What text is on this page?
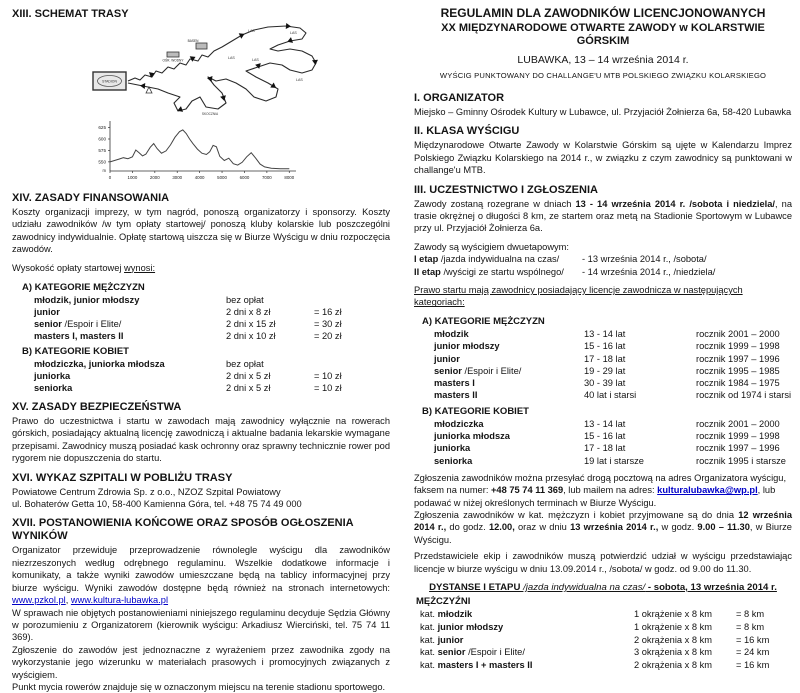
XIII. SCHEMAT TRASY
STADION
BASEN
OŚR. WODNY
LAS	LAS
LAS	LAS
LAS
SKOCZNIA
550
575
600
625
m
0	1000	2000	3000	4000	5000	6000	7000	8000
XIV. ZASADY FINANSOWANIA

Koszty organizacji imprezy, w tym nagród, ponoszą organizatorzy i sponsorzy. Koszty udziału zawodników /w tym opłaty startowej/ ponoszą kluby kolarskie lub poszczególni zawodnicy indywidualnie. Opłatę startową uiszcza się w Biurze Wyścigu w dniu rozpoczęcia zawodów.

Wysokość opłaty startowej wynosi:

A) KATEGORIE MĘŻCZYZN
młodzik, junior młodszy	bez opłat
junior	2 dni x 8 zł	= 16 zł
senior /Espoir i Elite/	2 dni x 15 zł	= 30 zł
masters I, masters II	2 dni x 10 zł	= 20 zł
B) KATEGORIE KOBIET
młodziczka, juniorka młodsza	bez opłat
juniorka	2 dni x 5 zł	= 10 zł
seniorka	2 dni x 5 zł	= 10 zł
XV. ZASADY BEZPIECZEŃSTWA

Prawo do uczestnictwa i startu w zawodach mają zawodnicy wyłącznie na rowerach górskich, posiadający aktualną licencję zawodniczą i aktualne badania lekarskie wymagane przepisami. Zawodnicy muszą posiadać kask ochronny oraz sprawny technicznie rower pod rygorem nie dopuszczenia do startu.

XVI. WYKAZ SZPITALI W POBLIŻU TRASY

Powiatowe Centrum Zdrowia Sp. z o.o., NZOZ Szpital Powiatowy

ul. Bohaterów Getta 10, 58-400 Kamienna Góra, tel. +48 75 74 49 000

XVII. POSTANOWIENIA KOŃCOWE ORAZ SPOSÓB OGŁOSZENIA WYNIKÓW

Organizator przewiduje przeprowadzenie równolegle wyścigu dla zawodników niezrzeszonych według odrębnego regulaminu. Wszelkie dodatkowe informacje i komunikaty, a także wyniki zawodów umieszczane będą na tablicy informacyjnej przy biurze wyścigu. Wyniki zawodów dostępne będą również na stronach internetowych: www.pzkol.pl, www.kultura-lubawka.pl

W sprawach nie objętych postanowieniami niniejszego regulaminu decyduje Sędzia Główny w porozumieniu z Organizatorem (kierownik wyścigu: Arkadiusz Wierciński, tel. 75 74 11 369).

Zgłoszenie do zawodów jest jednoznaczne z wyrażeniem przez zawodnika zgody na wykorzystanie jego wizerunku w materiałach prasowych i promocyjnych związanych z wyścigiem.

Punkt mycia rowerów znajduje się w oznaczonym miejscu na terenie stadionu sportowego.

REGULAMIN DLA ZAWODNIKÓW LICENCJONOWANYCH
XX MIĘDZYNARODOWE OTWARTE ZAWODY w KOLARSTWIE GÓRSKIM
LUBAWKA, 13 – 14 września 2014 r.
WYŚCIG PUNKTOWANY DO CHALLANGE'U MTB POLSKIEGO ZWIĄZKU KOLARSKIEGO
I. ORGANIZATOR

Miejsko – Gminny Ośrodek Kultury w Lubawce, ul. Przyjaciół Żołnierza 6a, 58-420 Lubawka

II. KLASA WYŚCIGU

Międzynarodowe Otwarte Zawody w Kolarstwie Górskim są ujęte w Kalendarzu Imprez Polskiego Związku Kolarskiego na 2014 r., w związku z czym zawodnicy są punktowani w challange'u MTB.

III. UCZESTNICTWO I ZGŁOSZENIA

Zawody zostaną rozegrane w dniach 13 - 14 września 2014 r. /sobota i niedziela/, na trasie okrężnej o długości 8 km, ze startem oraz metą na Stadionie Sportowym w Lubawce przy ul. Przyjaciół Żołnierza 6a.

Zawody są wyścigiem dwuetapowym:

I etap /jazda indywidualna na czas/	- 13 września 2014 r., /sobota/
II etap /wyścigi ze startu wspólnego/	- 14 września 2014 r., /niedziela/

Prawo startu mają zawodnicy posiadający licencje zawodnicza w następujących kategoriach:

A) KATEGORIE MĘŻCZYZN
młodzik	13 - 14 lat	rocznik 2001 – 2000
junior młodszy	15 - 16 lat	rocznik 1999 – 1998
junior	17 - 18 lat	rocznik 1997 – 1996
senior /Espoir i Elite/	19 - 29 lat	rocznik 1995 – 1985
masters I	30 - 39 lat	rocznik 1984 – 1975
masters II	40 lat i starsi	rocznik od 1974 i starsi
B) KATEGORIE KOBIET
młodziczka	13 - 14 lat	rocznik 2001 – 2000
juniorka młodsza	15 - 16 lat	rocznik 1999 – 1998
juniorka	17 - 18 lat	rocznik 1997 – 1996
seniorka	19 lat i starsze	rocznik 1995 i starsze

Zgłoszenia zawodników można przesyłać drogą pocztową na adres Organizatora wyścigu, faksem na numer: +48 75 74 11 369, lub mailem na adres: kulturalubawka@wp.pl, lub podawać w niżej określonych terminach w Biurze Wyścigu.

Zgłoszenia zawodników w kat. mężczyzn i kobiet przyjmowane są do dnia 12 września 2014 r., do godz. 12.00, oraz w dniu 13 września 2014 r., w godz. 9.00 – 11.30, w Biurze Wyścigu.

Przedstawiciele ekip i zawodników muszą potwierdzić udział w wyścigu przedstawiając licencje w biurze wyścigu w dniu 13.09.2014 r., /sobota/ w godz. od 9.00 do 11.30.

DYSTANSE I ETAPU /jazda indywidualna na czas/ - sobota, 13 września 2014 r.
MĘŻCZYŹNI
kat. młodzik	1 okrążenie x 8 km	= 8 km
kat. junior młodszy	1 okrążenie x 8 km	= 8 km
kat. junior	2 okrążenia x 8 km	= 16 km
kat. senior /Espoir i Elite/	3 okrążenia x 8 km	= 24 km
kat. masters I + masters II	2 okrążenia x 8 km	= 16 km
